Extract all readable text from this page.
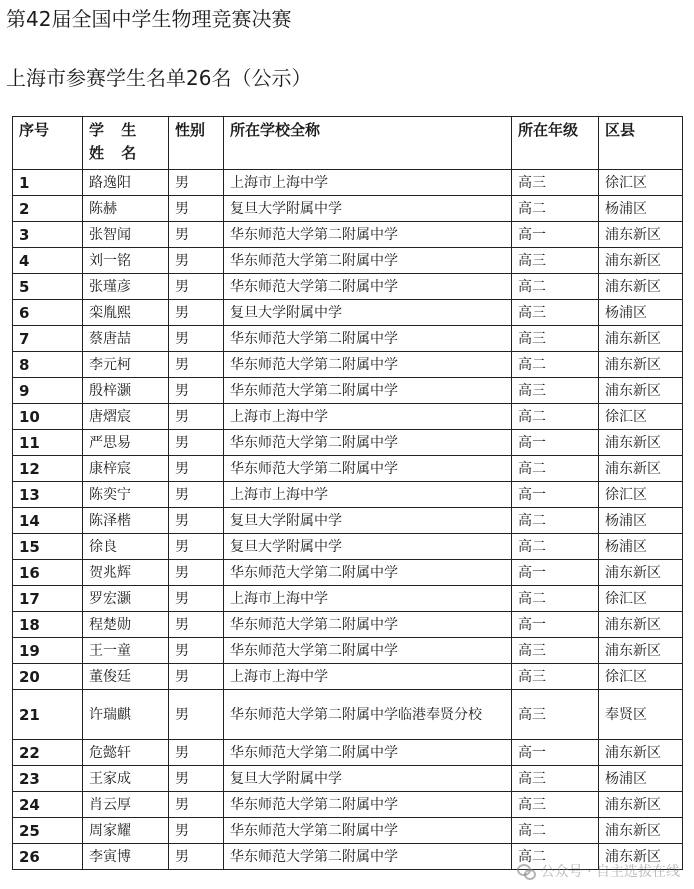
第42届全国中学生物理竞赛决赛
上海市参赛学生名单26名（公示）
序号	学 生 姓 名	性别	所在学校全称	所在年级	区县
1	路逸阳	男	上海市上海中学	高三	徐汇区
2	陈赫	男	复旦大学附属中学	高二	杨浦区
3	张智闻	男	华东师范大学第二附属中学	高一	浦东新区
4	刘一铭	男	华东师范大学第二附属中学	高三	浦东新区
5	张瑾彦	男	华东师范大学第二附属中学	高二	浦东新区
6	栾胤熙	男	复旦大学附属中学	高三	杨浦区
7	蔡唐喆	男	华东师范大学第二附属中学	高三	浦东新区
8	李元柯	男	华东师范大学第二附属中学	高二	浦东新区
9	殷梓灏	男	华东师范大学第二附属中学	高三	浦东新区
10	唐熠宸	男	上海市上海中学	高二	徐汇区
11	严思易	男	华东师范大学第二附属中学	高一	浦东新区
12	康梓宸	男	华东师范大学第二附属中学	高二	浦东新区
13	陈奕宁	男	上海市上海中学	高一	徐汇区
14	陈泽楷	男	复旦大学附属中学	高二	杨浦区
15	徐良	男	复旦大学附属中学	高二	杨浦区
16	贺兆辉	男	华东师范大学第二附属中学	高一	浦东新区
17	罗宏灏	男	上海市上海中学	高二	徐汇区
18	程楚勋	男	华东师范大学第二附属中学	高一	浦东新区
19	王一童	男	华东师范大学第二附属中学	高三	浦东新区
20	董俊廷	男	上海市上海中学	高三	徐汇区
21	许瑞麒	男	华东师范大学第二附属中学临港奉贤分校	高三	奉贤区
22	危懿轩	男	华东师范大学第二附属中学	高一	浦东新区
23	王家成	男	复旦大学附属中学	高三	杨浦区
24	肖云厚	男	华东师范大学第二附属中学	高三	浦东新区
25	周家耀	男	华东师范大学第二附属中学	高二	浦东新区
26	李寅博	男	华东师范大学第二附属中学	高二	浦东新区
公众号 · 自主选拔在线
